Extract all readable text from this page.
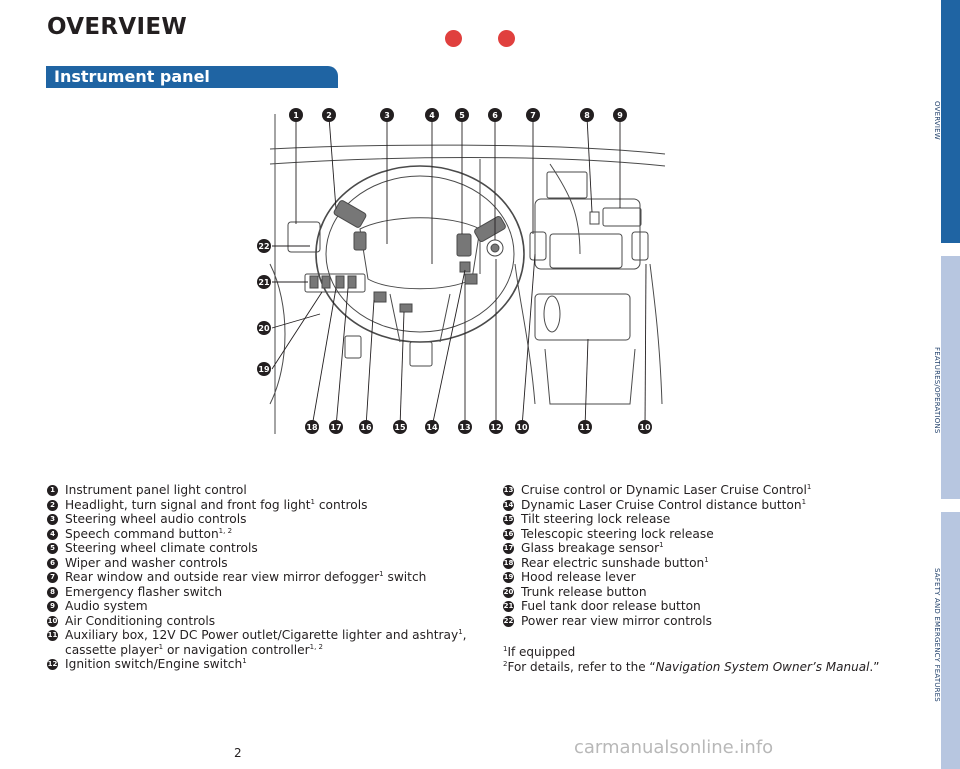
OVERVIEW
Instrument panel
1	2	3	4	5	6	7	8	9
18 17 16	15	14	13 12 10	11	10
22
21
20
19
1 Instrument panel light control
2 Headlight, turn signal and front fog light$^1$ controls
3 Steering wheel audio controls
4 Speech command button$^{1, 2}$
5 Steering wheel climate controls
6 Wiper and washer controls
7 Rear window and outside rear view mirror defogger$^1$ switch
8 Emergency flasher switch
9 Audio system
10 Air Conditioning controls
11 Auxiliary box, 12V DC Power outlet/Cigarette lighter and ashtray$^1$,
cassette player$^1$ or navigation controller$^{1, 2}$
12 Ignition switch/Engine switch$^1$
13 Cruise control or Dynamic Laser Cruise Control$^1$
14 Dynamic Laser Cruise Control distance button$^1$
15 Tilt steering lock release
16 Telescopic steering lock release
17 Glass breakage sensor$^1$
18 Rear electric sunshade button$^1$
19 Hood release lever
20 Trunk release button
21 Fuel tank door release button
22 Power rear view mirror controls
$^1$If equipped
$^2$For details, refer to the “Navigation System Owner’s Manual.”
2	carmanualsonline.info
OVERVIEW
FEATURES/OPERATIONS
SAFETY AND EMERGENCY FEATURES
